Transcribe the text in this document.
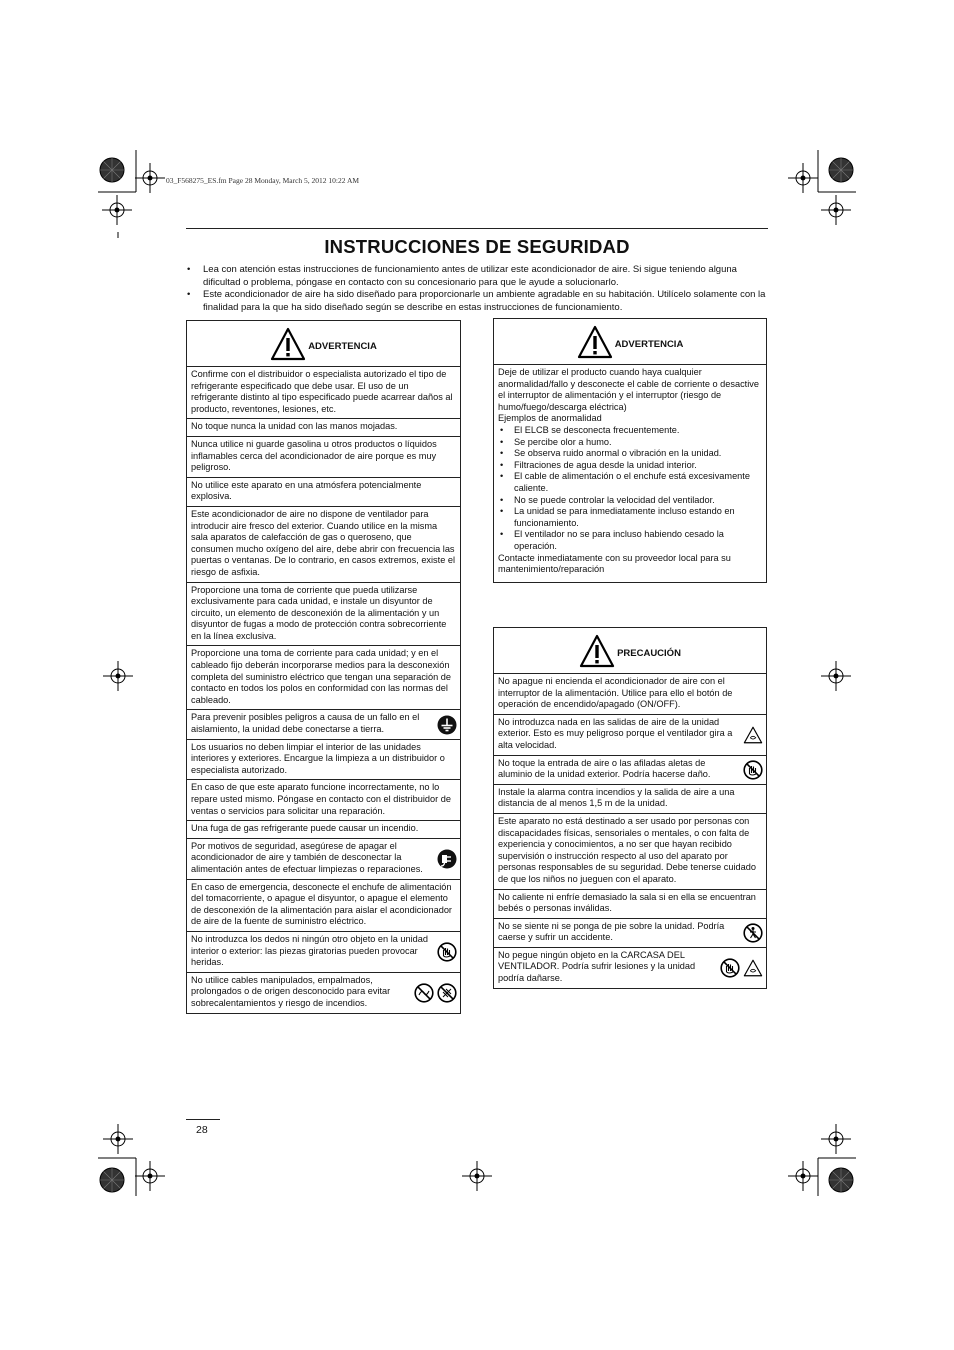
03_F568275_ES.fm Page 28 Monday, March 5, 2012 10:22 AM
INSTRUCCIONES DE SEGURIDAD
• Lea con atención estas instrucciones de funcionamiento antes de utilizar este acondicionador de aire. Si sigue teniendo alguna dificultad o problema, póngase en contacto con su concesionario para que le ayude a solucionarlo.
• Este acondicionador de aire ha sido diseñado para proporcionarle un ambiente agradable en su habitación. Utilícelo solamente con la finalidad para la que ha sido diseñado según se describe en estas instrucciones de funcionamiento.
ADVERTENCIA
Confirme con el distribuidor o especialista autorizado el tipo de refrigerante especificado que debe usar. El uso de un refrigerante distinto al tipo especificado puede acarrear daños al producto, reventones, lesiones, etc.
No toque nunca la unidad con las manos mojadas.
Nunca utilice ni guarde gasolina u otros productos o líquidos inflamables cerca del acondicionador de aire porque es muy peligroso.
No utilice este aparato en una atmósfera potencialmente explosiva.
Este acondicionador de aire no dispone de ventilador para introducir aire fresco del exterior. Cuando utilice en la misma sala aparatos de calefacción de gas o queroseno, que consumen mucho oxígeno del aire, debe abrir con frecuencia las puertas o ventanas. De lo contrario, en casos extremos, existe el riesgo de asfixia.
Proporcione una toma de corriente que pueda utilizarse exclusivamente para cada unidad, e instale un disyuntor de circuito, un elemento de desconexión de la alimentación y un disyuntor de fugas a modo de protección contra sobrecorriente en la línea exclusiva.
Proporcione una toma de corriente para cada unidad; y en el cableado fijo deberán incorporarse medios para la desconexión completa del suministro eléctrico que tengan una separación de contacto en todos los polos en conformidad con las normas del cableado.
Para prevenir posibles peligros a causa de un fallo en el aislamiento, la unidad debe conectarse a tierra.
Los usuarios no deben limpiar el interior de las unidades interiores y exteriores. Encargue la limpieza a un distribuidor o especialista autorizado.
En caso de que este aparato funcione incorrectamente, no lo repare usted mismo. Póngase en contacto con el distribuidor de ventas o servicios para solicitar una reparación.
Una fuga de gas refrigerante puede causar un incendio.
Por motivos de seguridad, asegúrese de apagar el acondicionador de aire y también de desconectar la alimentación antes de efectuar limpiezas o reparaciones.
En caso de emergencia, desconecte el enchufe de alimentación del tomacorriente, o apague el disyuntor, o apague el elemento de desconexión de la alimentación para aislar el acondicionador de aire de la fuente de suministro eléctrico.
No introduzca los dedos ni ningún otro objeto en la unidad interior o exterior: las piezas giratorias pueden provocar heridas.
No utilice cables manipulados, empalmados, prolongados o de origen desconocido para evitar sobrecalentamientos y riesgo de incendios.
ADVERTENCIA
Deje de utilizar el producto cuando haya cualquier anormalidad/fallo y desconecte el cable de corriente o desactive el interruptor de alimentación y el interruptor (riesgo de humo/fuego/descarga eléctrica)
Ejemplos de anormalidad
• El ELCB se desconecta frecuentemente.
• Se percibe olor a humo.
• Se observa ruido anormal o vibración en la unidad.
• Filtraciones de agua desde la unidad interior.
• El cable de alimentación o el enchufe está excesivamente caliente.
• No se puede controlar la velocidad del ventilador.
• La unidad se para inmediatamente incluso estando en funcionamiento.
• El ventilador no se para incluso habiendo cesado la operación.
Contacte inmediatamente con su proveedor local para su mantenimiento/reparación
PRECAUCIÓN
No apague ni encienda el acondicionador de aire con el interruptor de la alimentación. Utilice para ello el botón de operación de encendido/apagado (ON/OFF).
No introduzca nada en las salidas de aire de la unidad exterior. Esto es muy peligroso porque el ventilador gira a alta velocidad.
No toque la entrada de aire o las afiladas aletas de aluminio de la unidad exterior. Podría hacerse daño.
Instale la alarma contra incendios y la salida de aire a una distancia de al menos 1,5 m de la unidad.
Este aparato no está destinado a ser usado por personas con discapacidades físicas, sensoriales o mentales, o con falta de experiencia y conocimientos, a no ser que hayan recibido supervisión o instrucción respecto al uso del aparato por personas responsables de su seguridad. Debe tenerse cuidado de que los niños no jueguen con el aparato.
No caliente ni enfríe demasiado la sala si en ella se encuentran bebés o personas inválidas.
No se siente ni se ponga de pie sobre la unidad. Podría caerse y sufrir un accidente.
No pegue ningún objeto en la CARCASA DEL VENTILADOR. Podría sufrir lesiones y la unidad podría dañarse.
28
